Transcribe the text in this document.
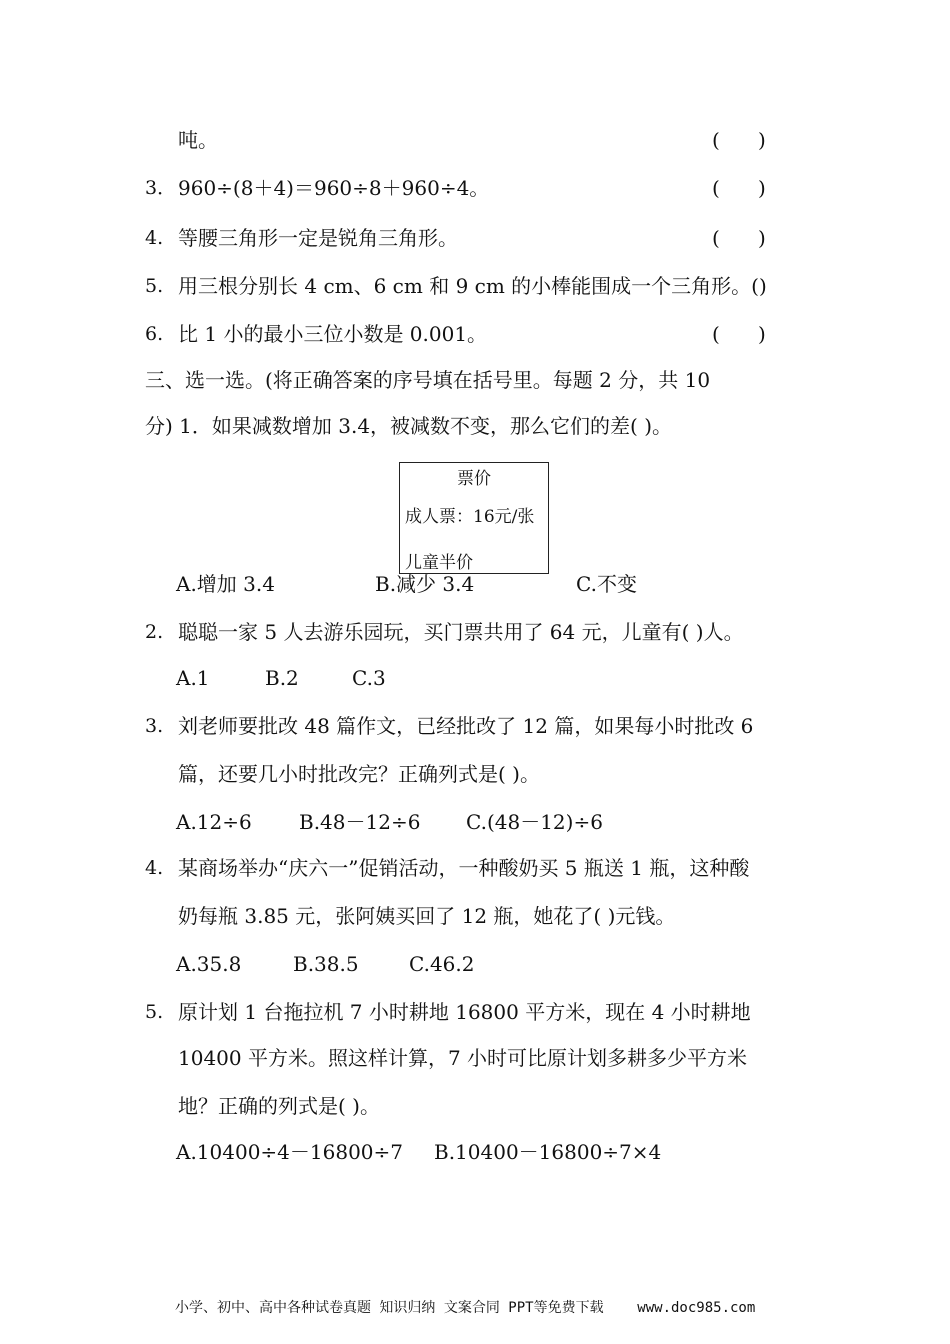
吨。	(      )
3． 960÷(8＋4)＝960÷8＋960÷4。	(      )
4. 等腰三角形一定是锐角三角形。	(      )
5. 用三根分别长 4 cm、6 cm 和 9 cm 的小棒能围成一个三角形。()
6. 比 1 小的最小三位小数是 0.001。	(      )
三、选一选。(将正确答案的序号填在括号里。每题 2 分，共 10
分) 1．如果减数增加 3.4，被减数不变，那么它们的差( )。
票价
成人票：16元/张
儿童半价
A.增加 3.4	B.减少 3.4	C.不变
2. 聪聪一家 5 人去游乐园玩，买门票共用了 64 元，儿童有( )人。
A.1	B.2	C.3
3. 刘老师要批改 48 篇作文，已经批改了 12 篇，如果每小时批改 6
篇，还要几小时批改完？正确列式是( )。
A.12÷6 B.48－12÷6 C.(48－12)÷6
4. 某商场举办“庆六一”促销活动，一种酸奶买 5 瓶送 1 瓶，这种酸
奶每瓶 3.85 元，张阿姨买回了 12 瓶，她花了( )元钱。
A.35.8	B.38.5	C.46.2
5. 原计划 1 台拖拉机 7 小时耕地 16800 平方米，现在 4 小时耕地
10400 平方米。照这样计算，7 小时可比原计划多耕多少平方米
地？正确的列式是( )。
A.10400÷4－16800÷7 B.10400－16800÷7×4
小学、初中、高中各种试卷真题 知识归纳 文案合同 PPT等免费下载    www.doc985.com
